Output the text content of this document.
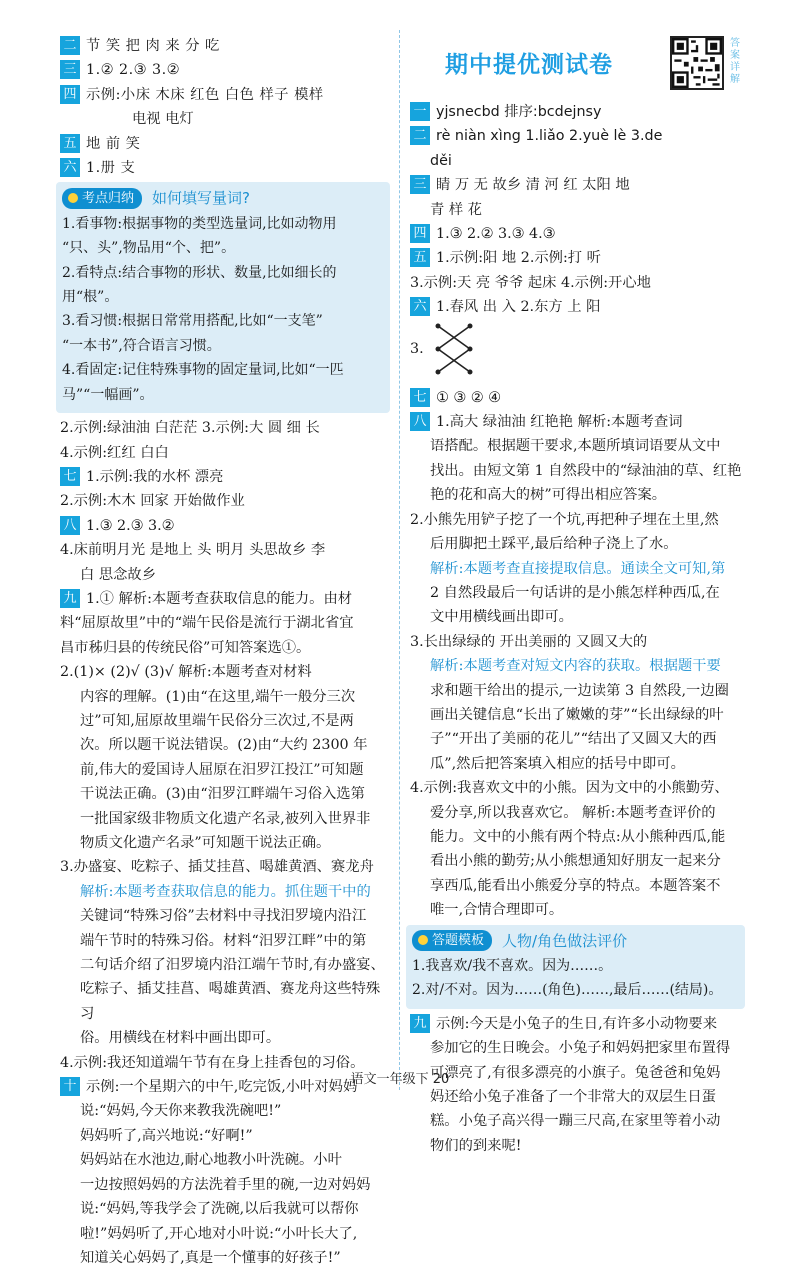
期中提优测试卷
答案详解
二 节 笑 把 肉 来 分 吃
三 1.② 2.③ 3.②
四 示例:小床 木床 红色 白色 样子 模样
电视 电灯
五 地 前 笑
六 1.册 支
考点归纳	如何填写量词?
1.看事物:根据事物的类型选量词,比如动物用
“只、头”,物品用“个、把”。
2.看特点:结合事物的形状、数量,比如细长的用“根”。
3.看习惯:根据日常常用搭配,比如“一支笔”
“一本书”,符合语言习惯。
4.看固定:记住特殊事物的固定量词,比如“一匹
马”“一幅画”。
2.示例:绿油油 白茫茫 3.示例:大 圆 细 长
4.示例:红红 白白
七 1.示例:我的水杯 漂亮
2.示例:木木 回家 开始做作业
八 1.③ 2.③ 3.②
4.床前明月光 是地上 头 明月 头思故乡 李
白 思念故乡
九 1.① 解析:本题考查获取信息的能力。由材
料“屈原故里”中的“端午民俗是流行于湖北省宜
昌市秭归县的传统民俗”可知答案选①。
2.(1)× (2)√ (3)√ 解析:本题考查对材料
内容的理解。(1)由“在这里,端午一般分三次
过”可知,屈原故里端午民俗分三次过,不是两
次。所以题干说法错误。(2)由“大约 2300 年
前,伟大的爱国诗人屈原在汨罗江投江”可知题
干说法正确。(3)由“汨罗江畔端午习俗入选第
一批国家级非物质文化遗产名录,被列入世界非
物质文化遗产名录”可知题干说法正确。
3.办盛宴、吃粽子、插艾挂菖、喝雄黄酒、赛龙舟
解析:本题考查获取信息的能力。抓住题干中的
关键词“特殊习俗”去材料中寻找汨罗境内沿江
端午节时的特殊习俗。材料“汨罗江畔”中的第
二句话介绍了汨罗境内沿江端午节时,有办盛宴、
吃粽子、插艾挂菖、喝雄黄酒、赛龙舟这些特殊习
俗。用横线在材料中画出即可。
4.示例:我还知道端午节有在身上挂香包的习俗。
十 示例:一个星期六的中午,吃完饭,小叶对妈妈
说:“妈妈,今天你来教我洗碗吧!”
妈妈听了,高兴地说:“好啊!”
妈妈站在水池边,耐心地教小叶洗碗。小叶
一边按照妈妈的方法洗着手里的碗,一边对妈妈
说:“妈妈,等我学会了洗碗,以后我就可以帮你
啦!”妈妈听了,开心地对小叶说:“小叶长大了,
知道关心妈妈了,真是一个懂事的好孩子!”
一 yjsnecbd 排序:bcdejnsy
二 rè niàn xìng 1.liǎo 2.yuè lè 3.de
děi
三 睛 万 无 故乡 清 河 红 太阳 地
青 样 花
四 1.③ 2.② 3.③ 4.③
五 1.示例:阳 地 2.示例:打 听
3.示例:天 亮 爷爷 起床 4.示例:开心地
六 1.春风 出 入 2.东方 上 阳
3.
七 ① ③ ② ④
八 1.高大 绿油油 红艳艳 解析:本题考查词
语搭配。根据题干要求,本题所填词语要从文中
找出。由短文第 1 自然段中的“绿油油的草、红艳
艳的花和高大的树”可得出相应答案。
2.小熊先用铲子挖了一个坑,再把种子埋在土里,然
后用脚把土踩平,最后给种子浇上了水。
解析:本题考查直接提取信息。通读全文可知,第
2 自然段最后一句话讲的是小熊怎样种西瓜,在
文中用横线画出即可。
3.长出绿绿的 开出美丽的 又圆又大的
解析:本题考查对短文内容的获取。根据题干要
求和题干给出的提示,一边读第 3 自然段,一边圈
画出关键信息“长出了嫩嫩的芽”“长出绿绿的叶
子”“开出了美丽的花儿”“结出了又圆又大的西
瓜”,然后把答案填入相应的括号中即可。
4.示例:我喜欢文中的小熊。因为文中的小熊勤劳、
爱分享,所以我喜欢它。 解析:本题考查评价的
能力。文中的小熊有两个特点:从小熊种西瓜,能
看出小熊的勤劳;从小熊想通知好朋友一起来分
享西瓜,能看出小熊爱分享的特点。本题答案不
唯一,合情合理即可。
答题模板	人物/角色做法评价
1.我喜欢/我不喜欢。因为……。
2.对/不对。因为……(角色)……,最后……(结局)。
九 示例:今天是小兔子的生日,有许多小动物要来
参加它的生日晚会。小兔子和妈妈把家里布置得
可漂亮了,有很多漂亮的小旗子。兔爸爸和兔妈
妈还给小兔子准备了一个非常大的双层生日蛋
糕。小兔子高兴得一蹦三尺高,在家里等着小动
物们的到来呢!
语文一年级下 20
